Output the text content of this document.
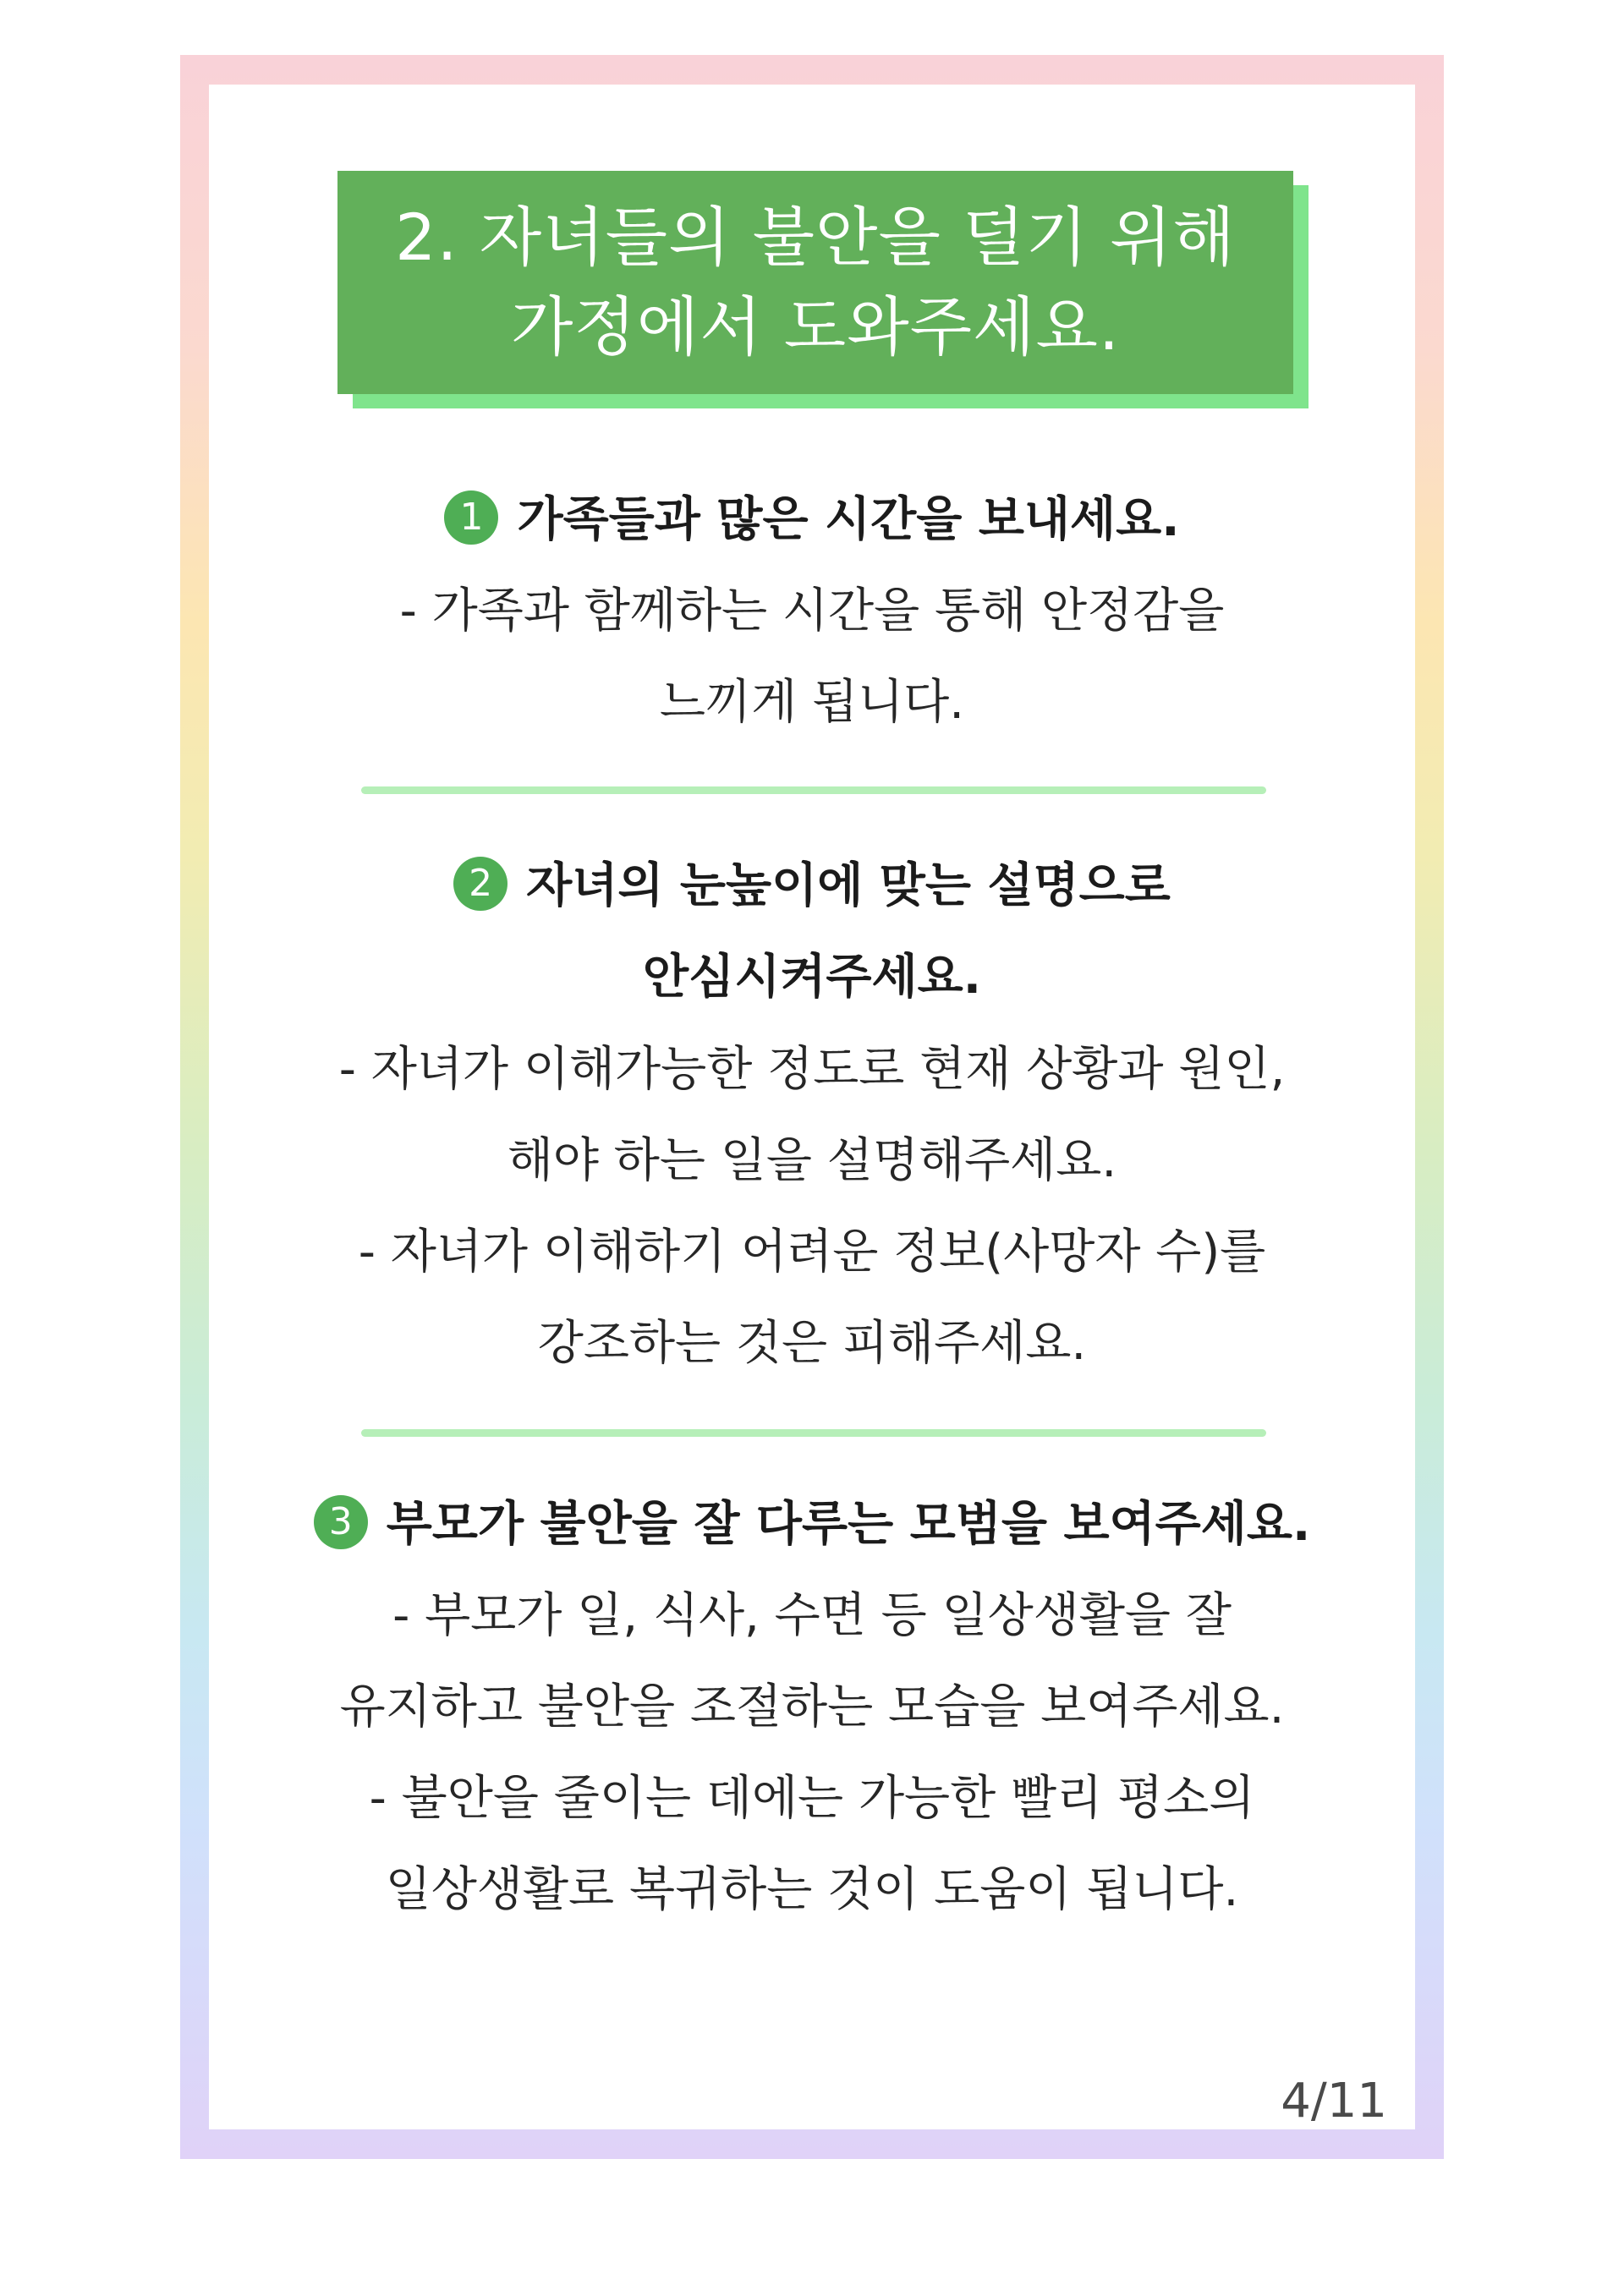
2. 자녀들의 불안을 덜기 위해
가정에서 도와주세요.
1 가족들과 많은 시간을 보내세요.
- 가족과 함께하는 시간을 통해 안정감을
느끼게 됩니다.
2 자녀의 눈높이에 맞는 설명으로
안심시켜주세요.
- 자녀가 이해가능한 정도로 현재 상황과 원인,
해야 하는 일을 설명해주세요.
- 자녀가 이해하기 어려운 정보(사망자 수)를
강조하는 것은 피해주세요.
3 부모가 불안을 잘 다루는 모범을 보여주세요.
- 부모가 일, 식사, 수면 등 일상생활을 잘
유지하고 불안을 조절하는 모습을 보여주세요.
- 불안을 줄이는 데에는 가능한 빨리 평소의
일상생활로 복귀하는 것이 도움이 됩니다.
4/11
